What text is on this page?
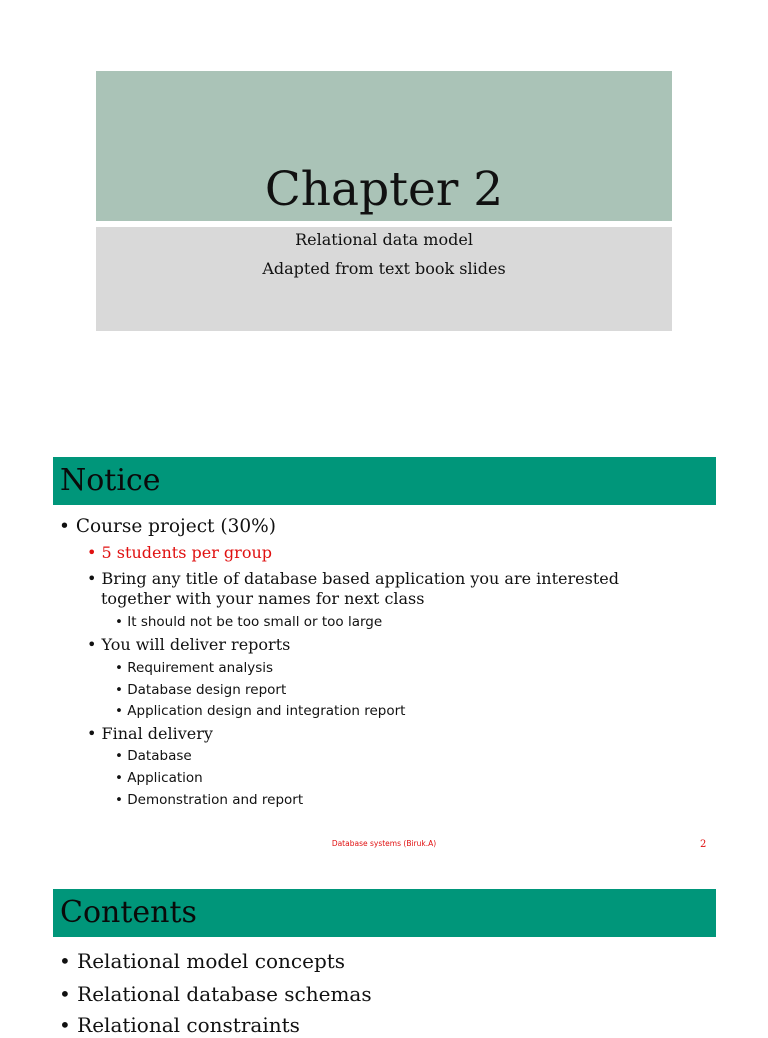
Chapter 2
Relational data model
Adapted from text book slides
Notice
• Course project (30%)
• 5 students per group
• Bring any title of database based application you are interested
together with your names for next class
• It should not be too small or too large
• You will deliver reports
• Requirement analysis
• Database design report
• Application design and integration report
• Final delivery
• Database
• Application
• Demonstration and report
Database systems (Biruk.A)	2
Contents
• Relational model concepts
• Relational database schemas
• Relational constraints
